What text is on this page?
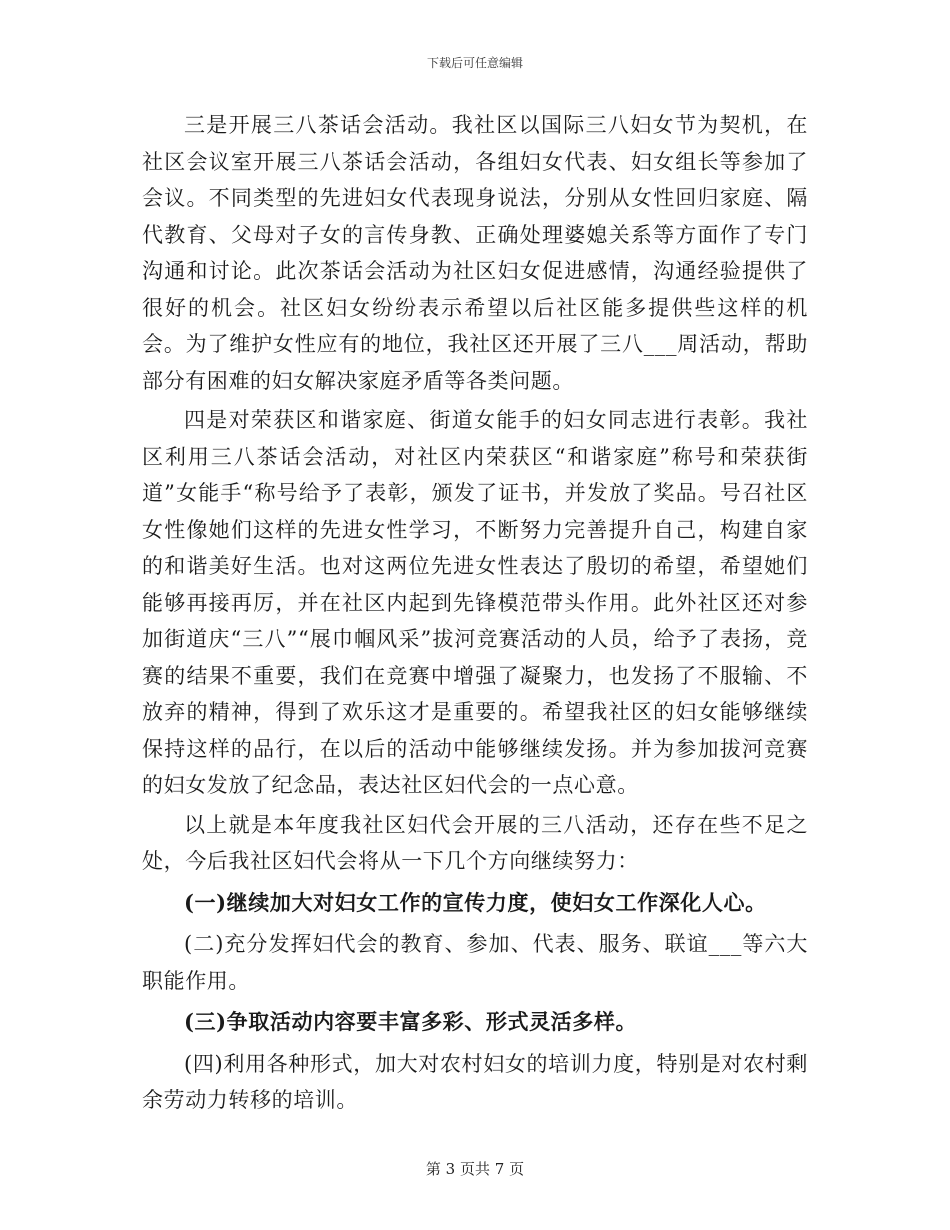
下载后可任意编辑

三是开展三八茶话会活动。我社区以国际三八妇女节为契机，在社区会议室开展三八茶话会活动，各组妇女代表、妇女组长等参加了会议。不同类型的先进妇女代表现身说法，分别从女性回归家庭、隔代教育、父母对子女的言传身教、正确处理婆媳关系等方面作了专门沟通和讨论。此次茶话会活动为社区妇女促进感情，沟通经验提供了很好的机会。社区妇女纷纷表示希望以后社区能多提供些这样的机会。为了维护女性应有的地位，我社区还开展了三八___周活动，帮助部分有困难的妇女解决家庭矛盾等各类问题。

四是对荣获区和谐家庭、街道女能手的妇女同志进行表彰。我社区利用三八茶话会活动，对社区内荣获区“和谐家庭”称号和荣获街道”女能手“称号给予了表彰，颁发了证书，并发放了奖品。号召社区女性像她们这样的先进女性学习，不断努力完善提升自己，构建自家的和谐美好生活。也对这两位先进女性表达了殷切的希望，希望她们能够再接再厉，并在社区内起到先锋模范带头作用。此外社区还对参加街道庆“三八”“展巾帼风采”拔河竞赛活动的人员，给予了表扬，竞赛的结果不重要，我们在竞赛中增强了凝聚力，也发扬了不服输、不放弃的精神，得到了欢乐这才是重要的。希望我社区的妇女能够继续保持这样的品行，在以后的活动中能够继续发扬。并为参加拔河竞赛的妇女发放了纪念品，表达社区妇代会的一点心意。

以上就是本年度我社区妇代会开展的三八活动，还存在些不足之处，今后我社区妇代会将从一下几个方向继续努力：

(一)继续加大对妇女工作的宣传力度，使妇女工作深化人心。

(二)充分发挥妇代会的教育、参加、代表、服务、联谊___等六大职能作用。

(三)争取活动内容要丰富多彩、形式灵活多样。

(四)利用各种形式，加大对农村妇女的培训力度，特别是对农村剩余劳动力转移的培训。

第 3 页共 7 页
